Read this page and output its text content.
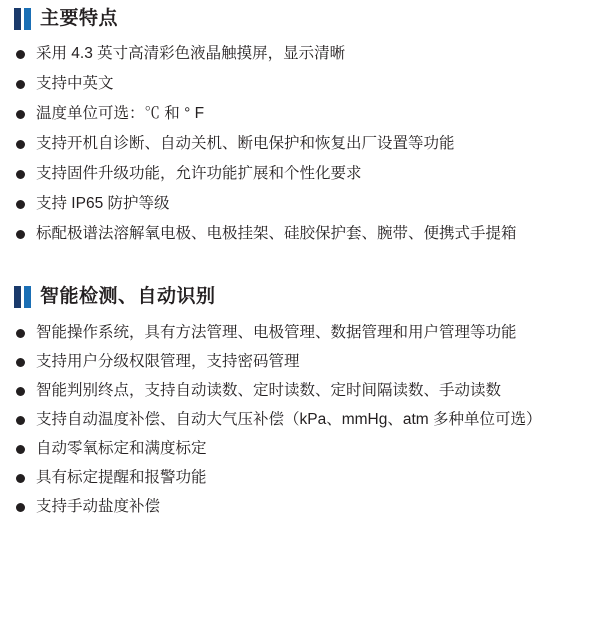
主要特点
采用 4.3 英寸高清彩色液晶触摸屏，显示清晰
支持中英文
温度单位可选：℃ 和 ° F
支持开机自诊断、自动关机、断电保护和恢复出厂设置等功能
支持固件升级功能，允许功能扩展和个性化要求
支持 IP65 防护等级
标配极谱法溶解氧电极、电极挂架、硅胶保护套、腕带、便携式手提箱
智能检测、自动识别
智能操作系统，具有方法管理、电极管理、数据管理和用户管理等功能
支持用户分级权限管理，支持密码管理
智能判别终点，支持自动读数、定时读数、定时间隔读数、手动读数
支持自动温度补偿、自动大气压补偿（kPa、mmHg、atm 多种单位可选）
自动零氧标定和满度标定
具有标定提醒和报警功能
支持手动盐度补偿
